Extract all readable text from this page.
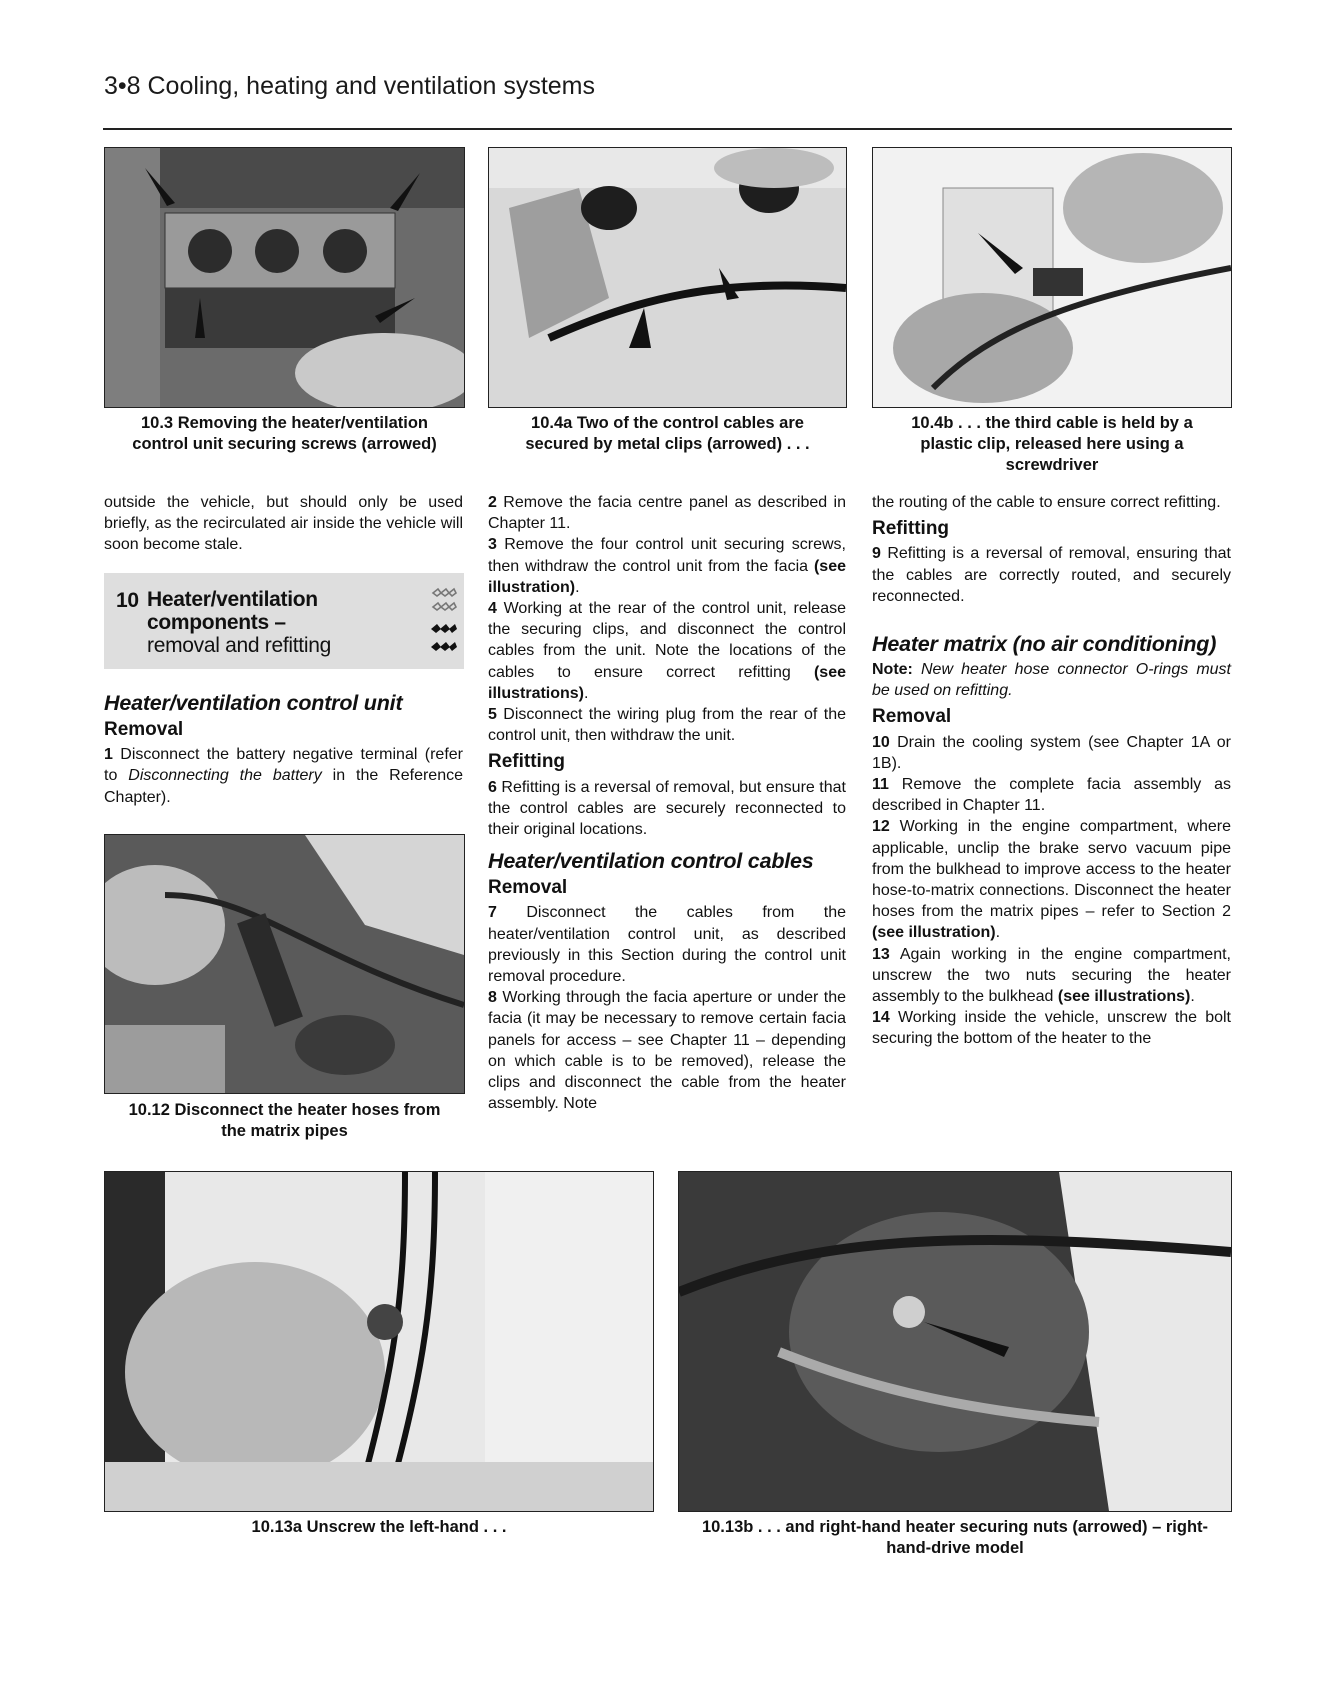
3•8 Cooling, heating and ventilation systems
10.3 Removing the heater/ventilation
control unit securing screws (arrowed)
10.4a Two of the control cables are
secured by metal clips (arrowed) . . .
10.4b . . . the third cable is held by a
plastic clip, released here using a
screwdriver

outside the vehicle, but should only be used briefly, as the recirculated air inside the vehicle will soon become stale.

10 Heater/ventilation
components –
removal and refitting
Heater/ventilation control unit
Removal

1 Disconnect the battery negative terminal (refer to Disconnecting the battery in the Reference Chapter).

10.12 Disconnect the heater hoses from
the matrix pipes

2 Remove the facia centre panel as described in Chapter 11.

3 Remove the four control unit securing screws, then withdraw the control unit from the facia (see illustration).

4 Working at the rear of the control unit, release the securing clips, and disconnect the control cables from the unit. Note the locations of the cables to ensure correct refitting (see illustrations).

5 Disconnect the wiring plug from the rear of the control unit, then withdraw the unit.

Refitting

6 Refitting is a reversal of removal, but ensure that the control cables are securely reconnected to their original locations.

Heater/ventilation control cables
Removal

7 Disconnect the cables from the heater/ventilation control unit, as described previously in this Section during the control unit removal procedure.

8 Working through the facia aperture or under the facia (it may be necessary to remove certain facia panels for access – see Chapter 11 – depending on which cable is to be removed), release the clips and disconnect the cable from the heater assembly. Note

the routing of the cable to ensure correct refitting.

Refitting

9 Refitting is a reversal of removal, ensuring that the cables are correctly routed, and securely reconnected.

Heater matrix (no air conditioning)

Note: New heater hose connector O-rings must be used on refitting.

Removal

10 Drain the cooling system (see Chapter 1A or 1B).

11 Remove the complete facia assembly as described in Chapter 11.

12 Working in the engine compartment, where applicable, unclip the brake servo vacuum pipe from the bulkhead to improve access to the heater hose-to-matrix connections. Disconnect the heater hoses from the matrix pipes – refer to Section 2 (see illustration).

13 Again working in the engine compartment, unscrew the two nuts securing the heater assembly to the bulkhead (see illustrations).

14 Working inside the vehicle, unscrew the bolt securing the bottom of the heater to the

10.13a Unscrew the left-hand . . .	10.13b . . . and right-hand heater securing nuts (arrowed) – right-
hand-drive model
